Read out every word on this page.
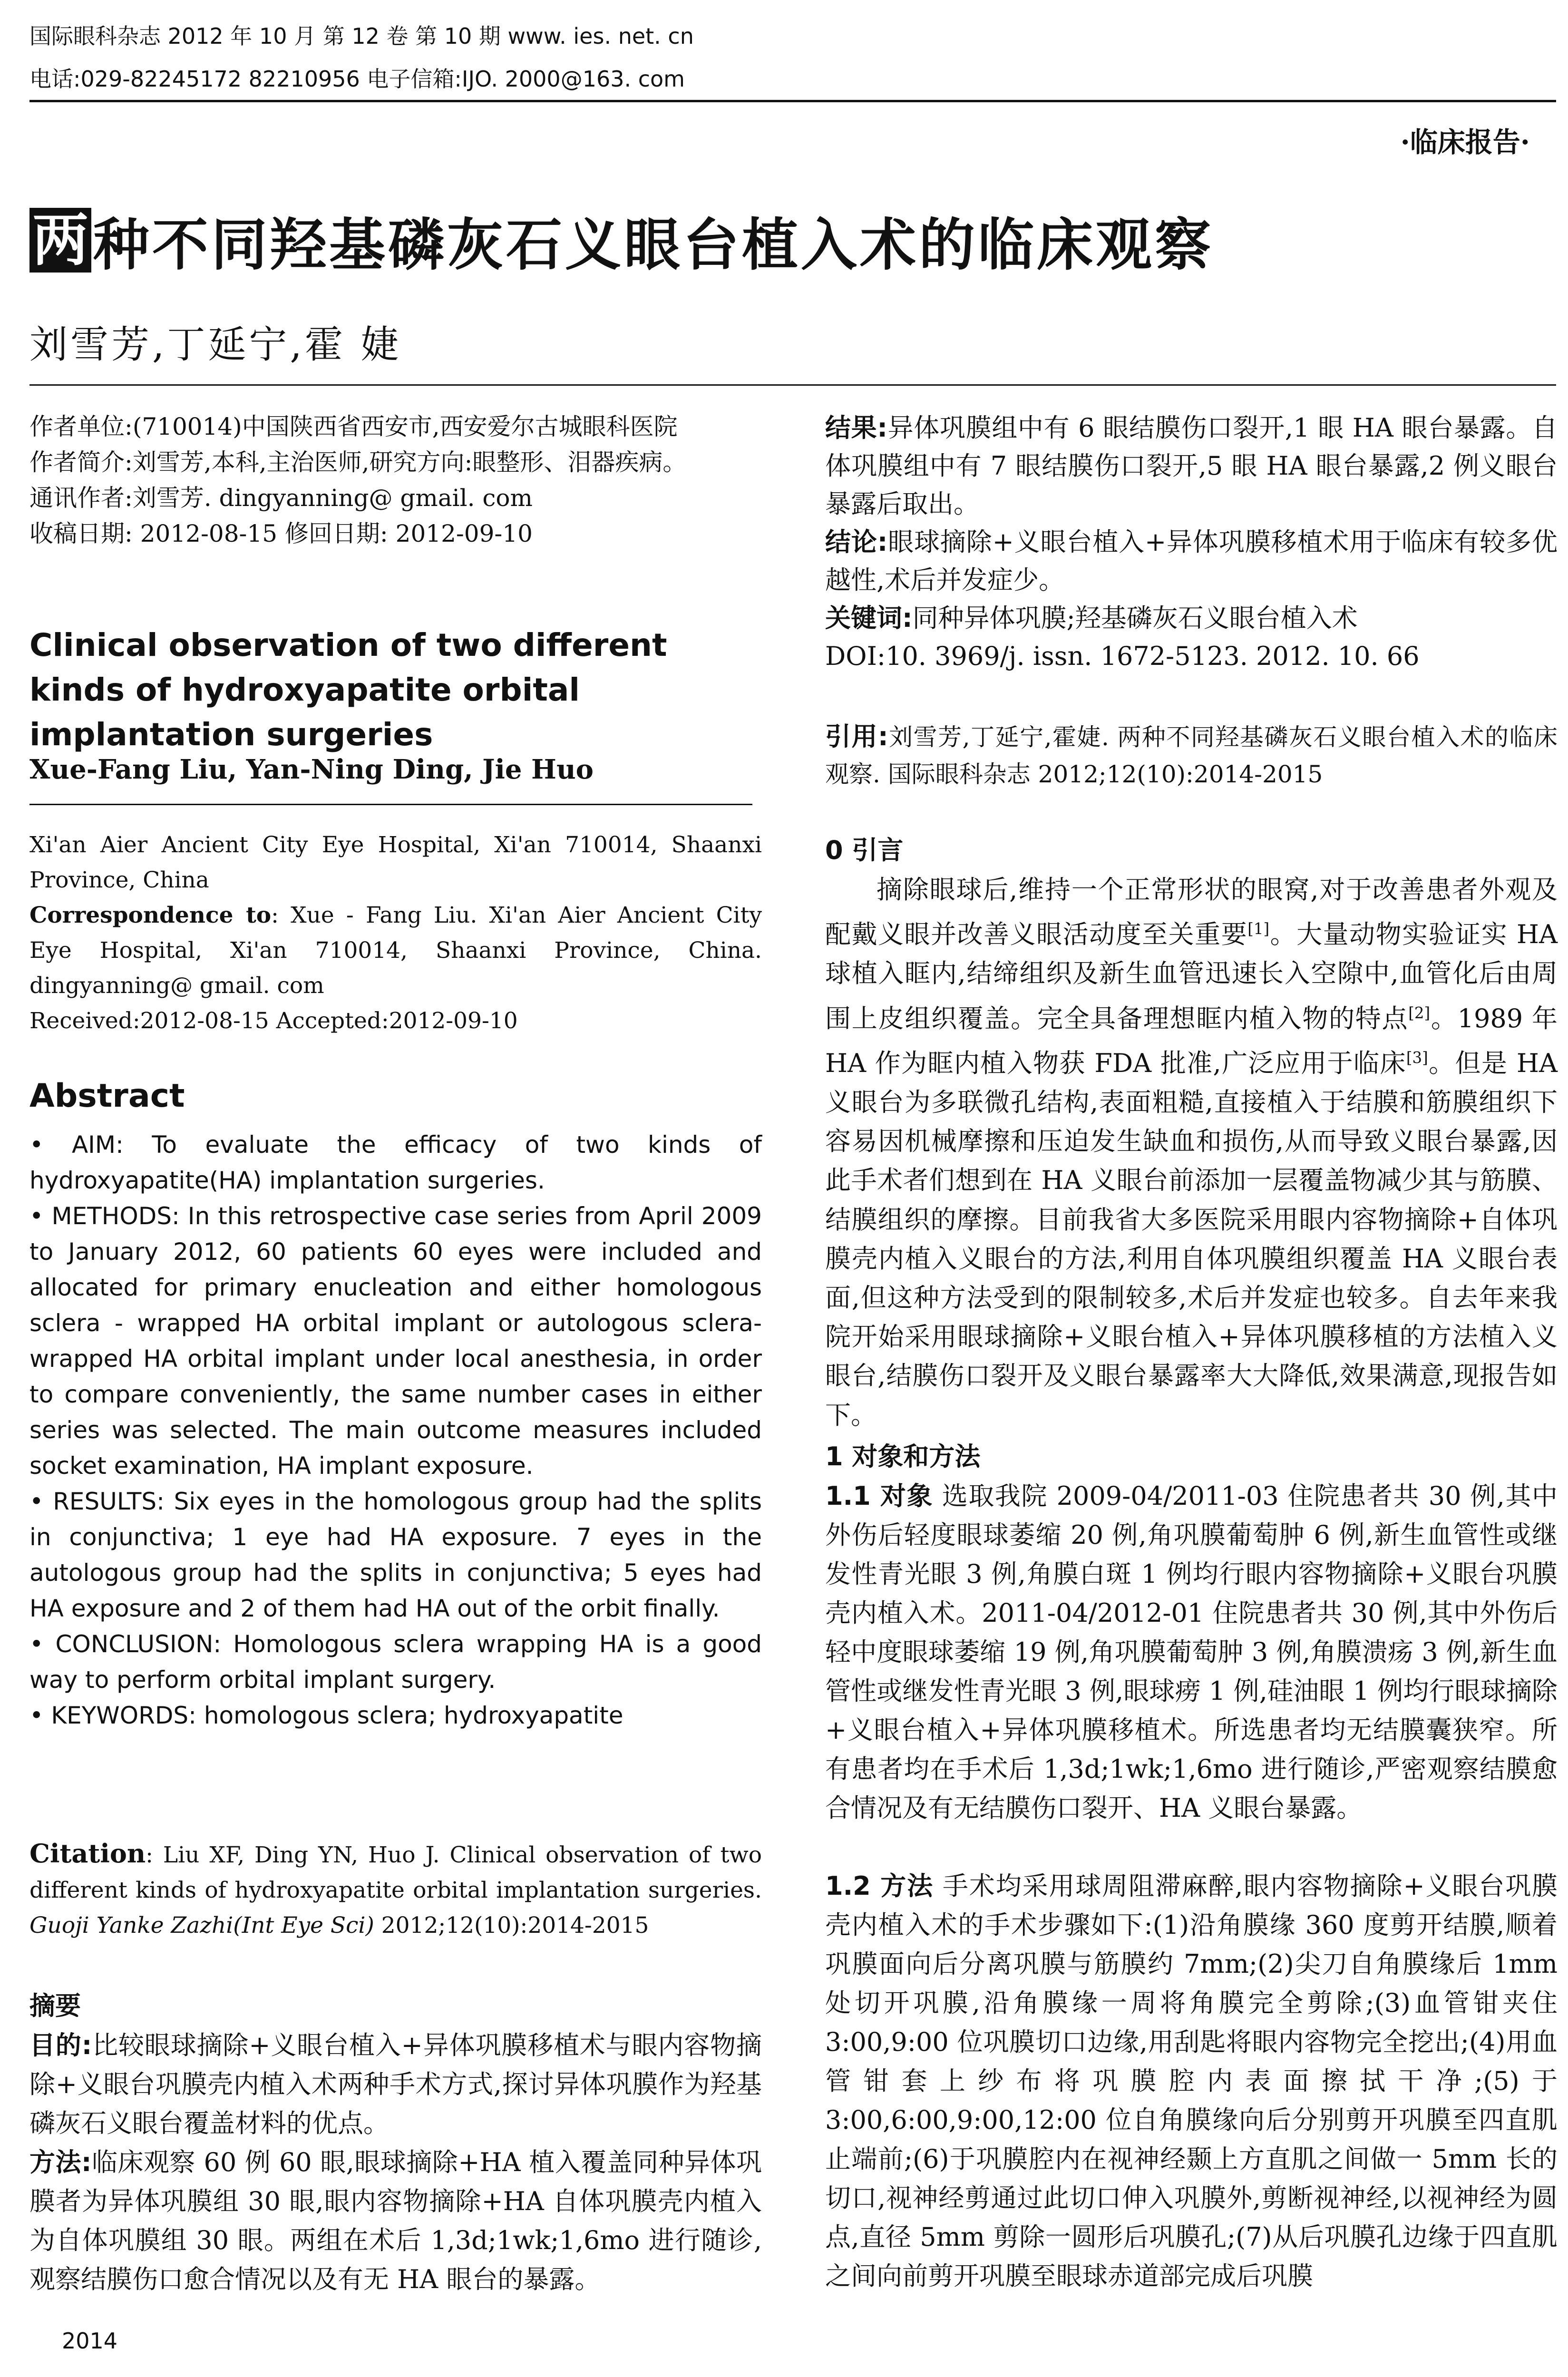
国际眼科杂志 2012 年 10 月 第 12 卷 第 10 期 www. ies. net. cn
电话:029-82245172 82210956 电子信箱:IJO. 2000@163. com
·临床报告·
两 种不同羟基磷灰石义眼台植入术的临床观察
刘雪芳,丁延宁,霍 婕

作者单位:(710014)中国陕西省西安市,西安爱尔古城眼科医院

作者简介:刘雪芳,本科,主治医师,研究方向:眼整形、泪器疾病。

通讯作者:刘雪芳. dingyanning@ gmail. com

收稿日期: 2012-08-15 修回日期: 2012-09-10

Clinical observation of two different kinds of hydroxyapatite orbital implantation surgeries
Xue-Fang Liu, Yan-Ning Ding, Jie Huo

Xi'an Aier Ancient City Eye Hospital, Xi'an 710014, Shaanxi Province, China

Correspondence to: Xue - Fang Liu. Xi'an Aier Ancient City Eye Hospital, Xi'an 710014, Shaanxi Province, China. dingyanning@ gmail. com

Received:2012-08-15 Accepted:2012-09-10

Abstract

• AIM: To evaluate the efficacy of two kinds of hydroxyapatite(HA) implantation surgeries.

• METHODS: In this retrospective case series from April 2009 to January 2012, 60 patients 60 eyes were included and allocated for primary enucleation and either homologous sclera - wrapped HA orbital implant or autologous sclera-wrapped HA orbital implant under local anesthesia, in order to compare conveniently, the same number cases in either series was selected. The main outcome measures included socket examination, HA implant exposure.

• RESULTS: Six eyes in the homologous group had the splits in conjunctiva; 1 eye had HA exposure. 7 eyes in the autologous group had the splits in conjunctiva; 5 eyes had HA exposure and 2 of them had HA out of the orbit finally.

• CONCLUSION: Homologous sclera wrapping HA is a good way to perform orbital implant surgery.

• KEYWORDS: homologous sclera; hydroxyapatite

Citation: Liu XF, Ding YN, Huo J. Clinical observation of two different kinds of hydroxyapatite orbital implantation surgeries. Guoji Yanke Zazhi(Int Eye Sci) 2012;12(10):2014-2015
摘要

目的:比较眼球摘除+义眼台植入+异体巩膜移植术与眼内容物摘除+义眼台巩膜壳内植入术两种手术方式,探讨异体巩膜作为羟基磷灰石义眼台覆盖材料的优点。

方法:临床观察 60 例 60 眼,眼球摘除+HA 植入覆盖同种异体巩膜者为异体巩膜组 30 眼,眼内容物摘除+HA 自体巩膜壳内植入为自体巩膜组 30 眼。两组在术后 1,3d;1wk;1,6mo 进行随诊,观察结膜伤口愈合情况以及有无 HA 眼台的暴露。

2014

结果:异体巩膜组中有 6 眼结膜伤口裂开,1 眼 HA 眼台暴露。自体巩膜组中有 7 眼结膜伤口裂开,5 眼 HA 眼台暴露,2 例义眼台暴露后取出。

结论:眼球摘除+义眼台植入+异体巩膜移植术用于临床有较多优越性,术后并发症少。

关键词:同种异体巩膜;羟基磷灰石义眼台植入术

DOI:10. 3969/j. issn. 1672-5123. 2012. 10. 66

引用:刘雪芳,丁延宁,霍婕. 两种不同羟基磷灰石义眼台植入术的临床观察. 国际眼科杂志 2012;12(10):2014-2015
0 引言
摘除眼球后,维持一个正常形状的眼窝,对于改善患者外观及配戴义眼并改善义眼活动度至关重要[1]。大量动物实验证实 HA 球植入眶内,结缔组织及新生血管迅速长入空隙中,血管化后由周围上皮组织覆盖。完全具备理想眶内植入物的特点[2]。1989 年 HA 作为眶内植入物获 FDA 批准,广泛应用于临床[3]。但是 HA 义眼台为多联微孔结构,表面粗糙,直接植入于结膜和筋膜组织下容易因机械摩擦和压迫发生缺血和损伤,从而导致义眼台暴露,因此手术者们想到在 HA 义眼台前添加一层覆盖物减少其与筋膜、结膜组织的摩擦。目前我省大多医院采用眼内容物摘除+自体巩膜壳内植入义眼台的方法,利用自体巩膜组织覆盖 HA 义眼台表面,但这种方法受到的限制较多,术后并发症也较多。自去年来我院开始采用眼球摘除+义眼台植入+异体巩膜移植的方法植入义眼台,结膜伤口裂开及义眼台暴露率大大降低,效果满意,现报告如下。
1 对象和方法
1.1 对象 选取我院 2009-04/2011-03 住院患者共 30 例,其中外伤后轻度眼球萎缩 20 例,角巩膜葡萄肿 6 例,新生血管性或继发性青光眼 3 例,角膜白斑 1 例均行眼内容物摘除+义眼台巩膜壳内植入术。2011-04/2012-01 住院患者共 30 例,其中外伤后轻中度眼球萎缩 19 例,角巩膜葡萄肿 3 例,角膜溃疡 3 例,新生血管性或继发性青光眼 3 例,眼球痨 1 例,硅油眼 1 例均行眼球摘除+义眼台植入+异体巩膜移植术。所选患者均无结膜囊狭窄。所有患者均在手术后 1,3d;1wk;1,6mo 进行随诊,严密观察结膜愈合情况及有无结膜伤口裂开、HA 义眼台暴露。
1.2 方法 手术均采用球周阻滞麻醉,眼内容物摘除+义眼台巩膜壳内植入术的手术步骤如下:(1)沿角膜缘 360 度剪开结膜,顺着巩膜面向后分离巩膜与筋膜约 7mm;(2)尖刀自角膜缘后 1mm 处切开巩膜,沿角膜缘一周将角膜完全剪除;(3)血管钳夹住 3:00,9:00 位巩膜切口边缘,用刮匙将眼内容物完全挖出;(4)用血管钳套上纱布将巩膜腔内表面擦拭干净;(5)于 3:00,6:00,9:00,12:00 位自角膜缘向后分别剪开巩膜至四直肌止端前;(6)于巩膜腔内在视神经颞上方直肌之间做一 5mm 长的切口,视神经剪通过此切口伸入巩膜外,剪断视神经,以视神经为圆点,直径 5mm 剪除一圆形后巩膜孔;(7)从后巩膜孔边缘于四直肌之间向前剪开巩膜至眼球赤道部完成后巩膜
